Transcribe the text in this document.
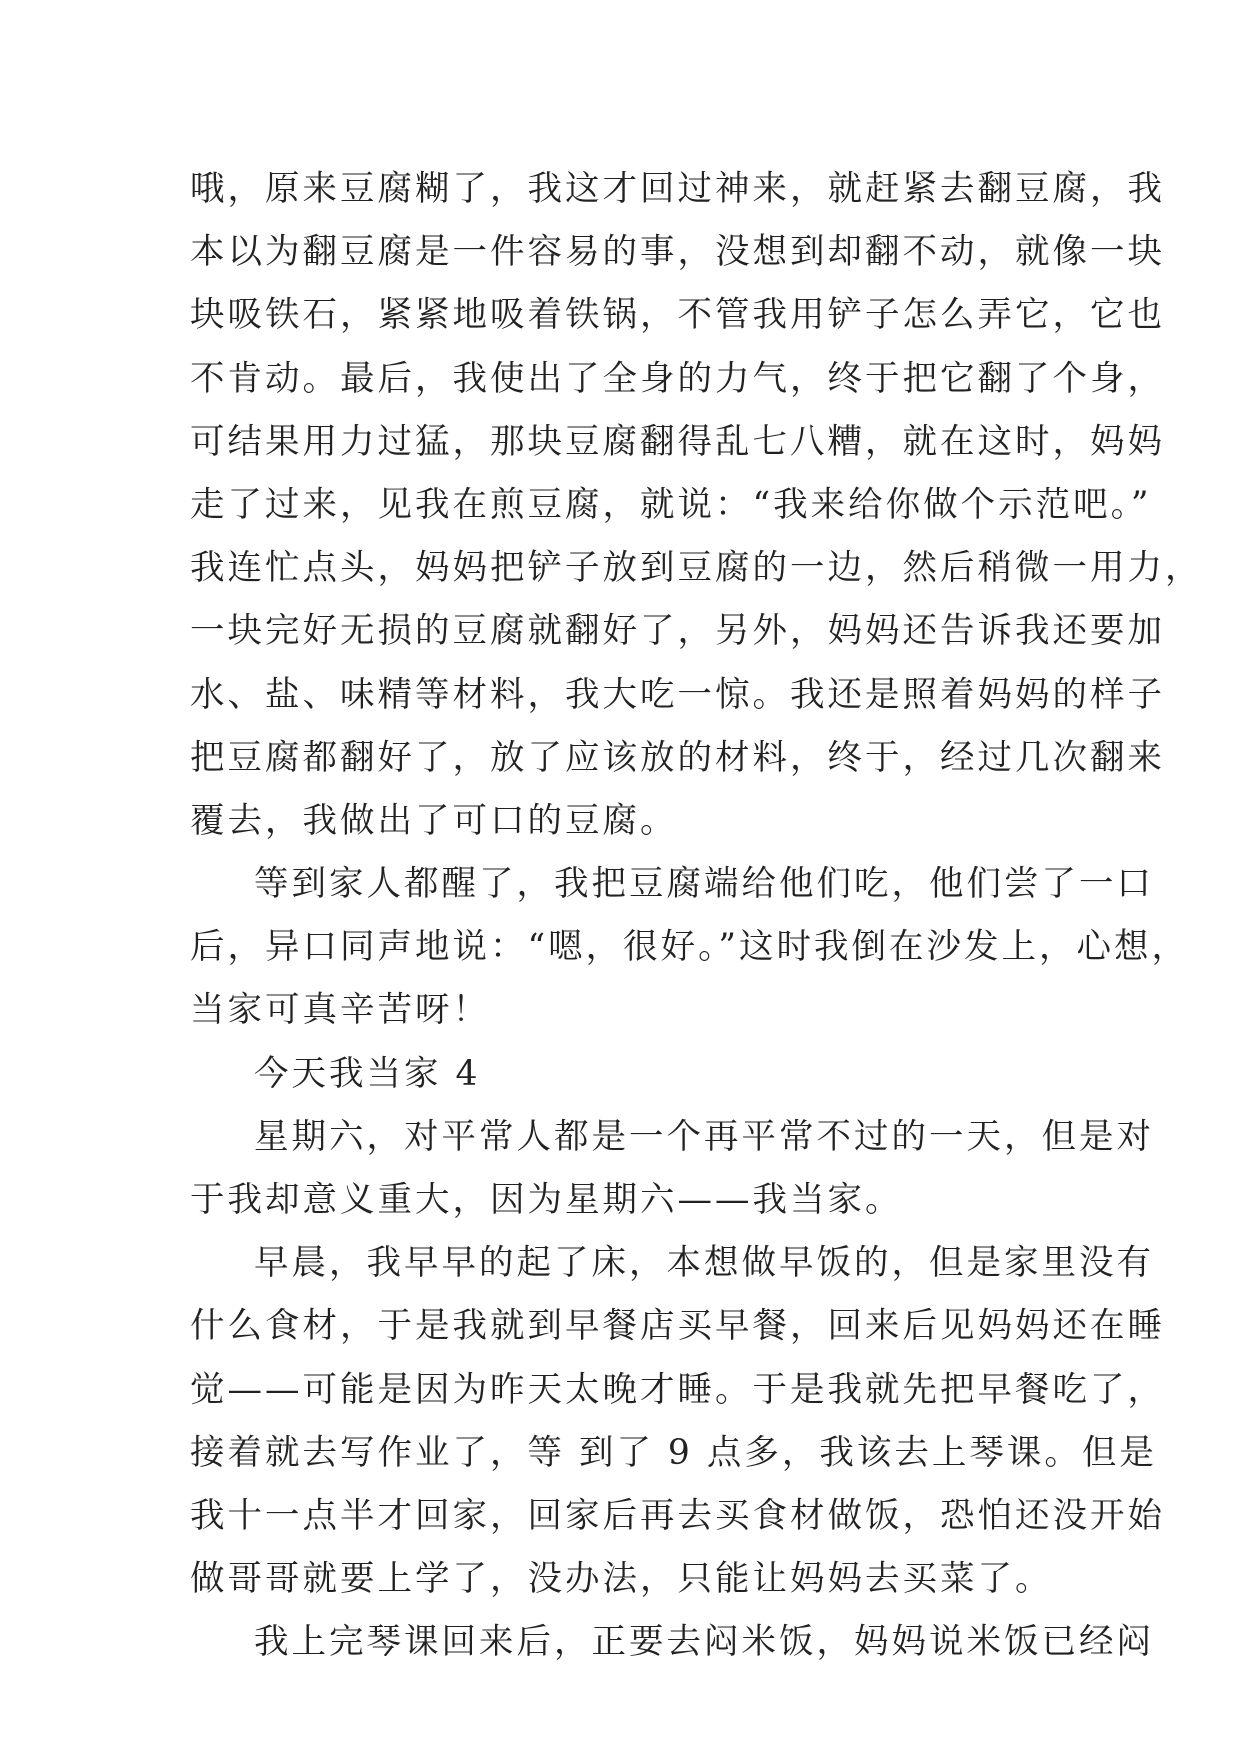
哦，原来豆腐糊了，我这才回过神来，就赶紧去翻豆腐，我
本以为翻豆腐是一件容易的事，没想到却翻不动，就像一块
块吸铁石，紧紧地吸着铁锅，不管我用铲子怎么弄它，它也
不肯动。最后，我使出了全身的力气，终于把它翻了个身，
可结果用力过猛，那块豆腐翻得乱七八糟，就在这时，妈妈
走了过来，见我在煎豆腐，就说：“我来给你做个示范吧。”
我连忙点头，妈妈把铲子放到豆腐的一边，然后稍微一用力，
一块完好无损的豆腐就翻好了，另外，妈妈还告诉我还要加
水、盐、味精等材料，我大吃一惊。我还是照着妈妈的样子
把豆腐都翻好了，放了应该放的材料，终于，经过几次翻来
覆去，我做出了可口的豆腐。
等到家人都醒了，我把豆腐端给他们吃，他们尝了一口
后，异口同声地说：“嗯，很好。”这时我倒在沙发上，心想，
当家可真辛苦呀！
今天我当家 4
星期六，对平常人都是一个再平常不过的一天，但是对
于我却意义重大，因为星期六——我当家。
早晨，我早早的起了床，本想做早饭的，但是家里没有
什么食材，于是我就到早餐店买早餐，回来后见妈妈还在睡
觉——可能是因为昨天太晚才睡。于是我就先把早餐吃了，
接着就去写作业了，等 到了 9 点多，我该去上琴课。但是
我十一点半才回家，回家后再去买食材做饭，恐怕还没开始
做哥哥就要上学了，没办法，只能让妈妈去买菜了。
我上完琴课回来后，正要去闷米饭，妈妈说米饭已经闷
